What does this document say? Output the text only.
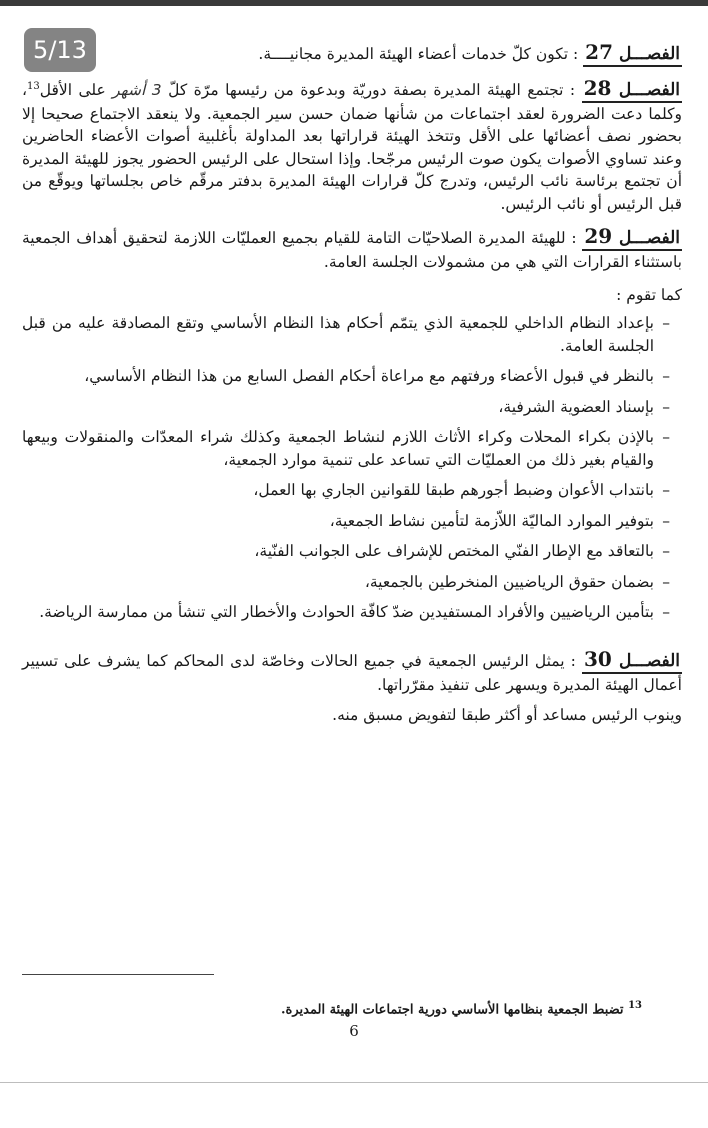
الفصـــل 27 : تكون كلّ خدمات أعضاء الهيئة المديرة مجانيــــة.

الفصـــل 28 : تجتمع الهيئة المديرة بصفة دوريّة وبدعوة من رئيسها مرّة كلّ 3 أشهر على الأقل$^{13}$، وكلما دعت الضرورة لعقد اجتماعات من شأنها ضمان حسن سير الجمعية. ولا ينعقد الاجتماع صحيحا إلا بحضور نصف أعضائها على الأقل وتتخذ الهيئة قراراتها بعد المداولة بأغلبية أصوات الأعضاء الحاضرين وعند تساوي الأصوات يكون صوت الرئيس مرجّحا. وإذا استحال على الرئيس الحضور يجوز للهيئة المديرة أن تجتمع برئاسة نائب الرئيس، وتدرج كلّ قرارات الهيئة المديرة بدفتر مرقّم خاص بجلساتها ويوقّع من قبل الرئيس أو نائب الرئيس.

الفصـــل 29 : للهيئة المديرة الصلاحيّات التامة للقيام بجميع العمليّات اللازمة لتحقيق أهداف الجمعية باستثناء القرارات التي هي من مشمولات الجلسة العامة.

كما تقوم :

–
بإعداد النظام الداخلي للجمعية الذي يتمّم أحكام هذا النظام الأساسي وتقع المصادقة عليه من قبل الجلسة العامة.
–
بالنظر في قبول الأعضاء ورفتهم مع مراعاة أحكام الفصل السابع من هذا النظام الأساسي،
–
بإسناد العضوية الشرفية،
–
بالإذن بكراء المحلات وكراء الأثاث اللازم لنشاط الجمعية وكذلك شراء المعدّات والمنقولات وبيعها والقيام بغير ذلك من العمليّات التي تساعد على تنمية موارد الجمعية،
–
بانتداب الأعوان وضبط أجورهم طبقا للقوانين الجاري بها العمل،
–
بتوفير الموارد الماليّة اللاّزمة لتأمين نشاط الجمعية،
–
بالتعاقد مع الإطار الفنّي المختص للإشراف على الجوانب الفنّية،
–
بضمان حقوق الرياضيين المنخرطين بالجمعية،
–
بتأمين الرياضيين والأفراد المستفيدين ضدّ كافّة الحوادث والأخطار التي تنشأ من ممارسة الرياضة.

الفصـــل 30 : يمثل الرئيس الجمعية في جميع الحالات وخاصّة لدى المحاكم كما يشرف على تسيير أعمال الهيئة المديرة ويسهر على تنفيذ مقرّراتها.

وينوب الرئيس مساعد أو أكثر طبقا لتفويض مسبق منه.

5/13
$^{13}$ تضبط الجمعية بنظامها الأساسي دورية اجتماعات الهيئة المديرة.
6
